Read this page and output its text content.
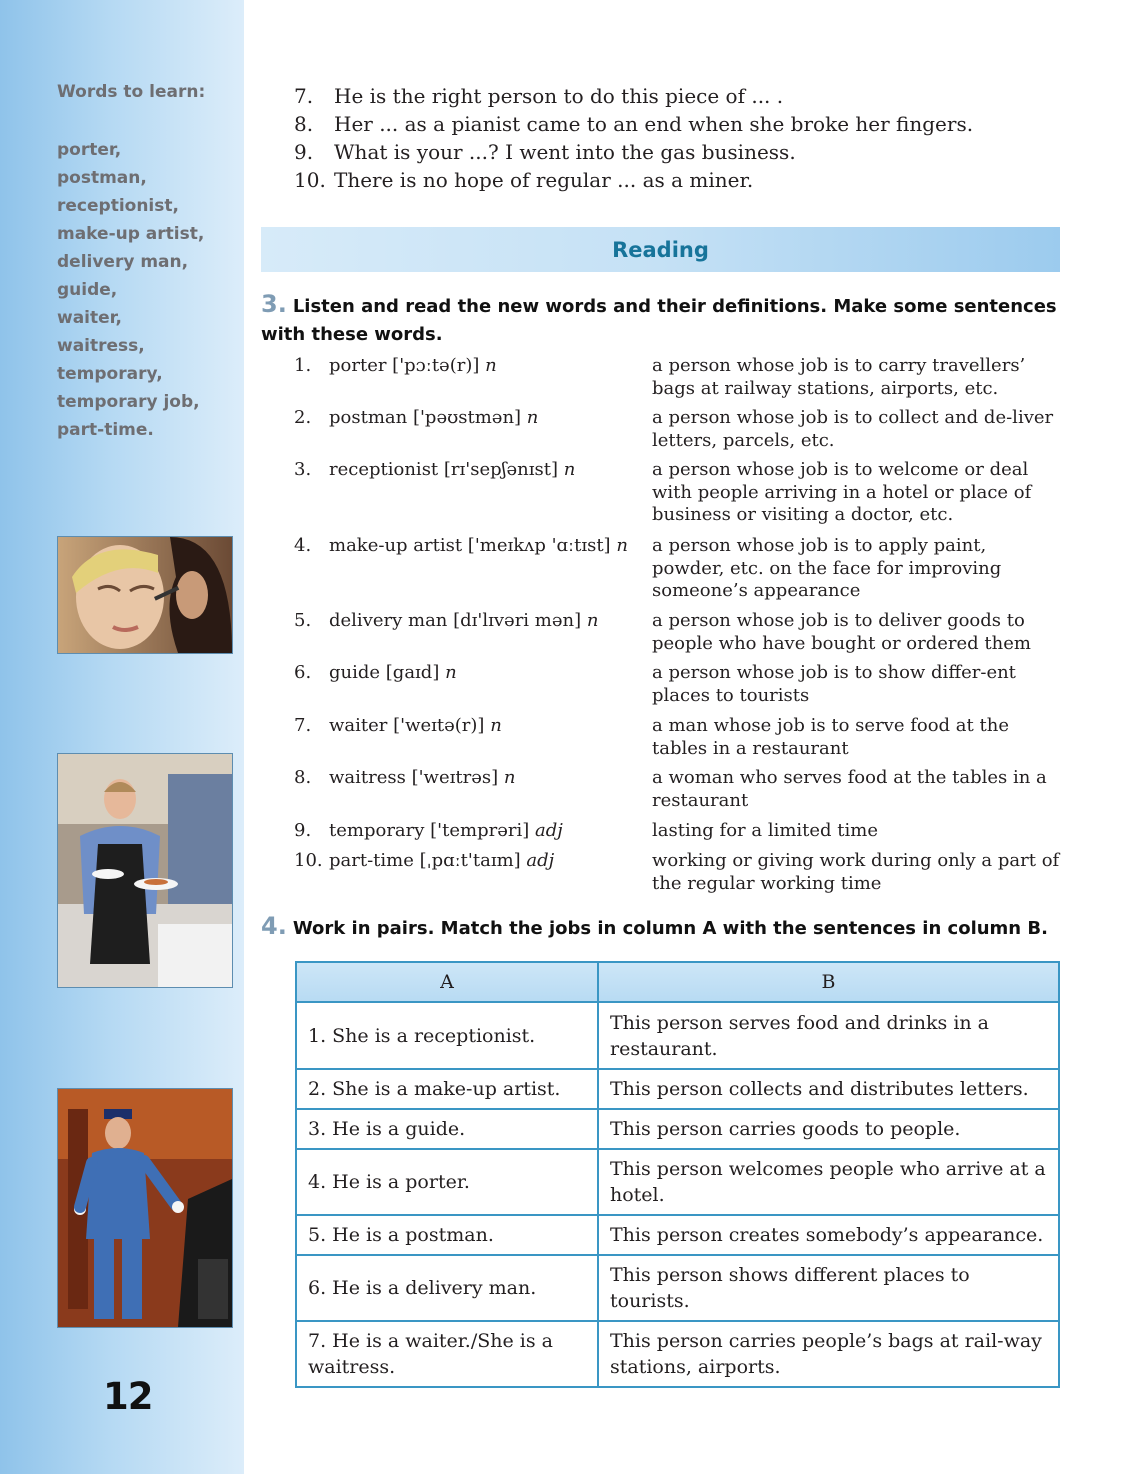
Words to learn:
porter,
postman,
receptionist,
make-up artist,
delivery man,
guide,
waiter,
waitress,
temporary,
temporary job,
part-time.
12
7. He is the right person to do this piece of ... .
8. Her ... as a pianist came to an end when she broke her fingers.
9. What is your ...? I went into the gas business.
10. There is no hope of regular ... as a miner.
Reading
3. Listen and read the new words and their definitions. Make some sentences with these words.
1. porter ['pɔːtə(r)] n	a person whose job is to carry travellers’ bags at railway stations, airports, etc.
2. postman ['pəʊstmən] n	a person whose job is to collect and de-liver letters, parcels, etc.
3. receptionist [rɪ'sepʃənɪst] n	a person whose job is to welcome or deal with people arriving in a hotel or place of business or visiting a doctor, etc.
4. make-up artist ['meɪkʌp 'ɑːtɪst] n a person whose job is to apply paint, powder, etc. on the face for improving someone’s appearance
5. delivery man [dɪ'lɪvəri mən] n	a person whose job is to deliver goods to people who have bought or ordered them
6. guide [gaɪd] n	a person whose job is to show differ-ent places to tourists
7. waiter ['weɪtə(r)] n	a man whose job is to serve food at the tables in a restaurant
8. waitress ['weɪtrəs] n	a woman who serves food at the tables in a restaurant
9. temporary ['temprəri] adj	lasting for a limited time
10. part-time [ˌpɑːt'taɪm] adj	working or giving work during only a part of the regular working time
4. Work in pairs. Match the jobs in column A with the sentences in column B.
A	B
1. She is a receptionist.	This person serves food and drinks in a restaurant.
2. She is a make-up artist.	This person collects and distributes letters.
3. He is a guide.	This person carries goods to people.
4. He is a porter.	This person welcomes people who arrive at a hotel.
5. He is a postman.	This person creates somebody’s appearance.
6. He is a delivery man.	This person shows different places to tourists.
7. He is a waiter./She is a waitress.	This person carries people’s bags at rail-way stations, airports.
